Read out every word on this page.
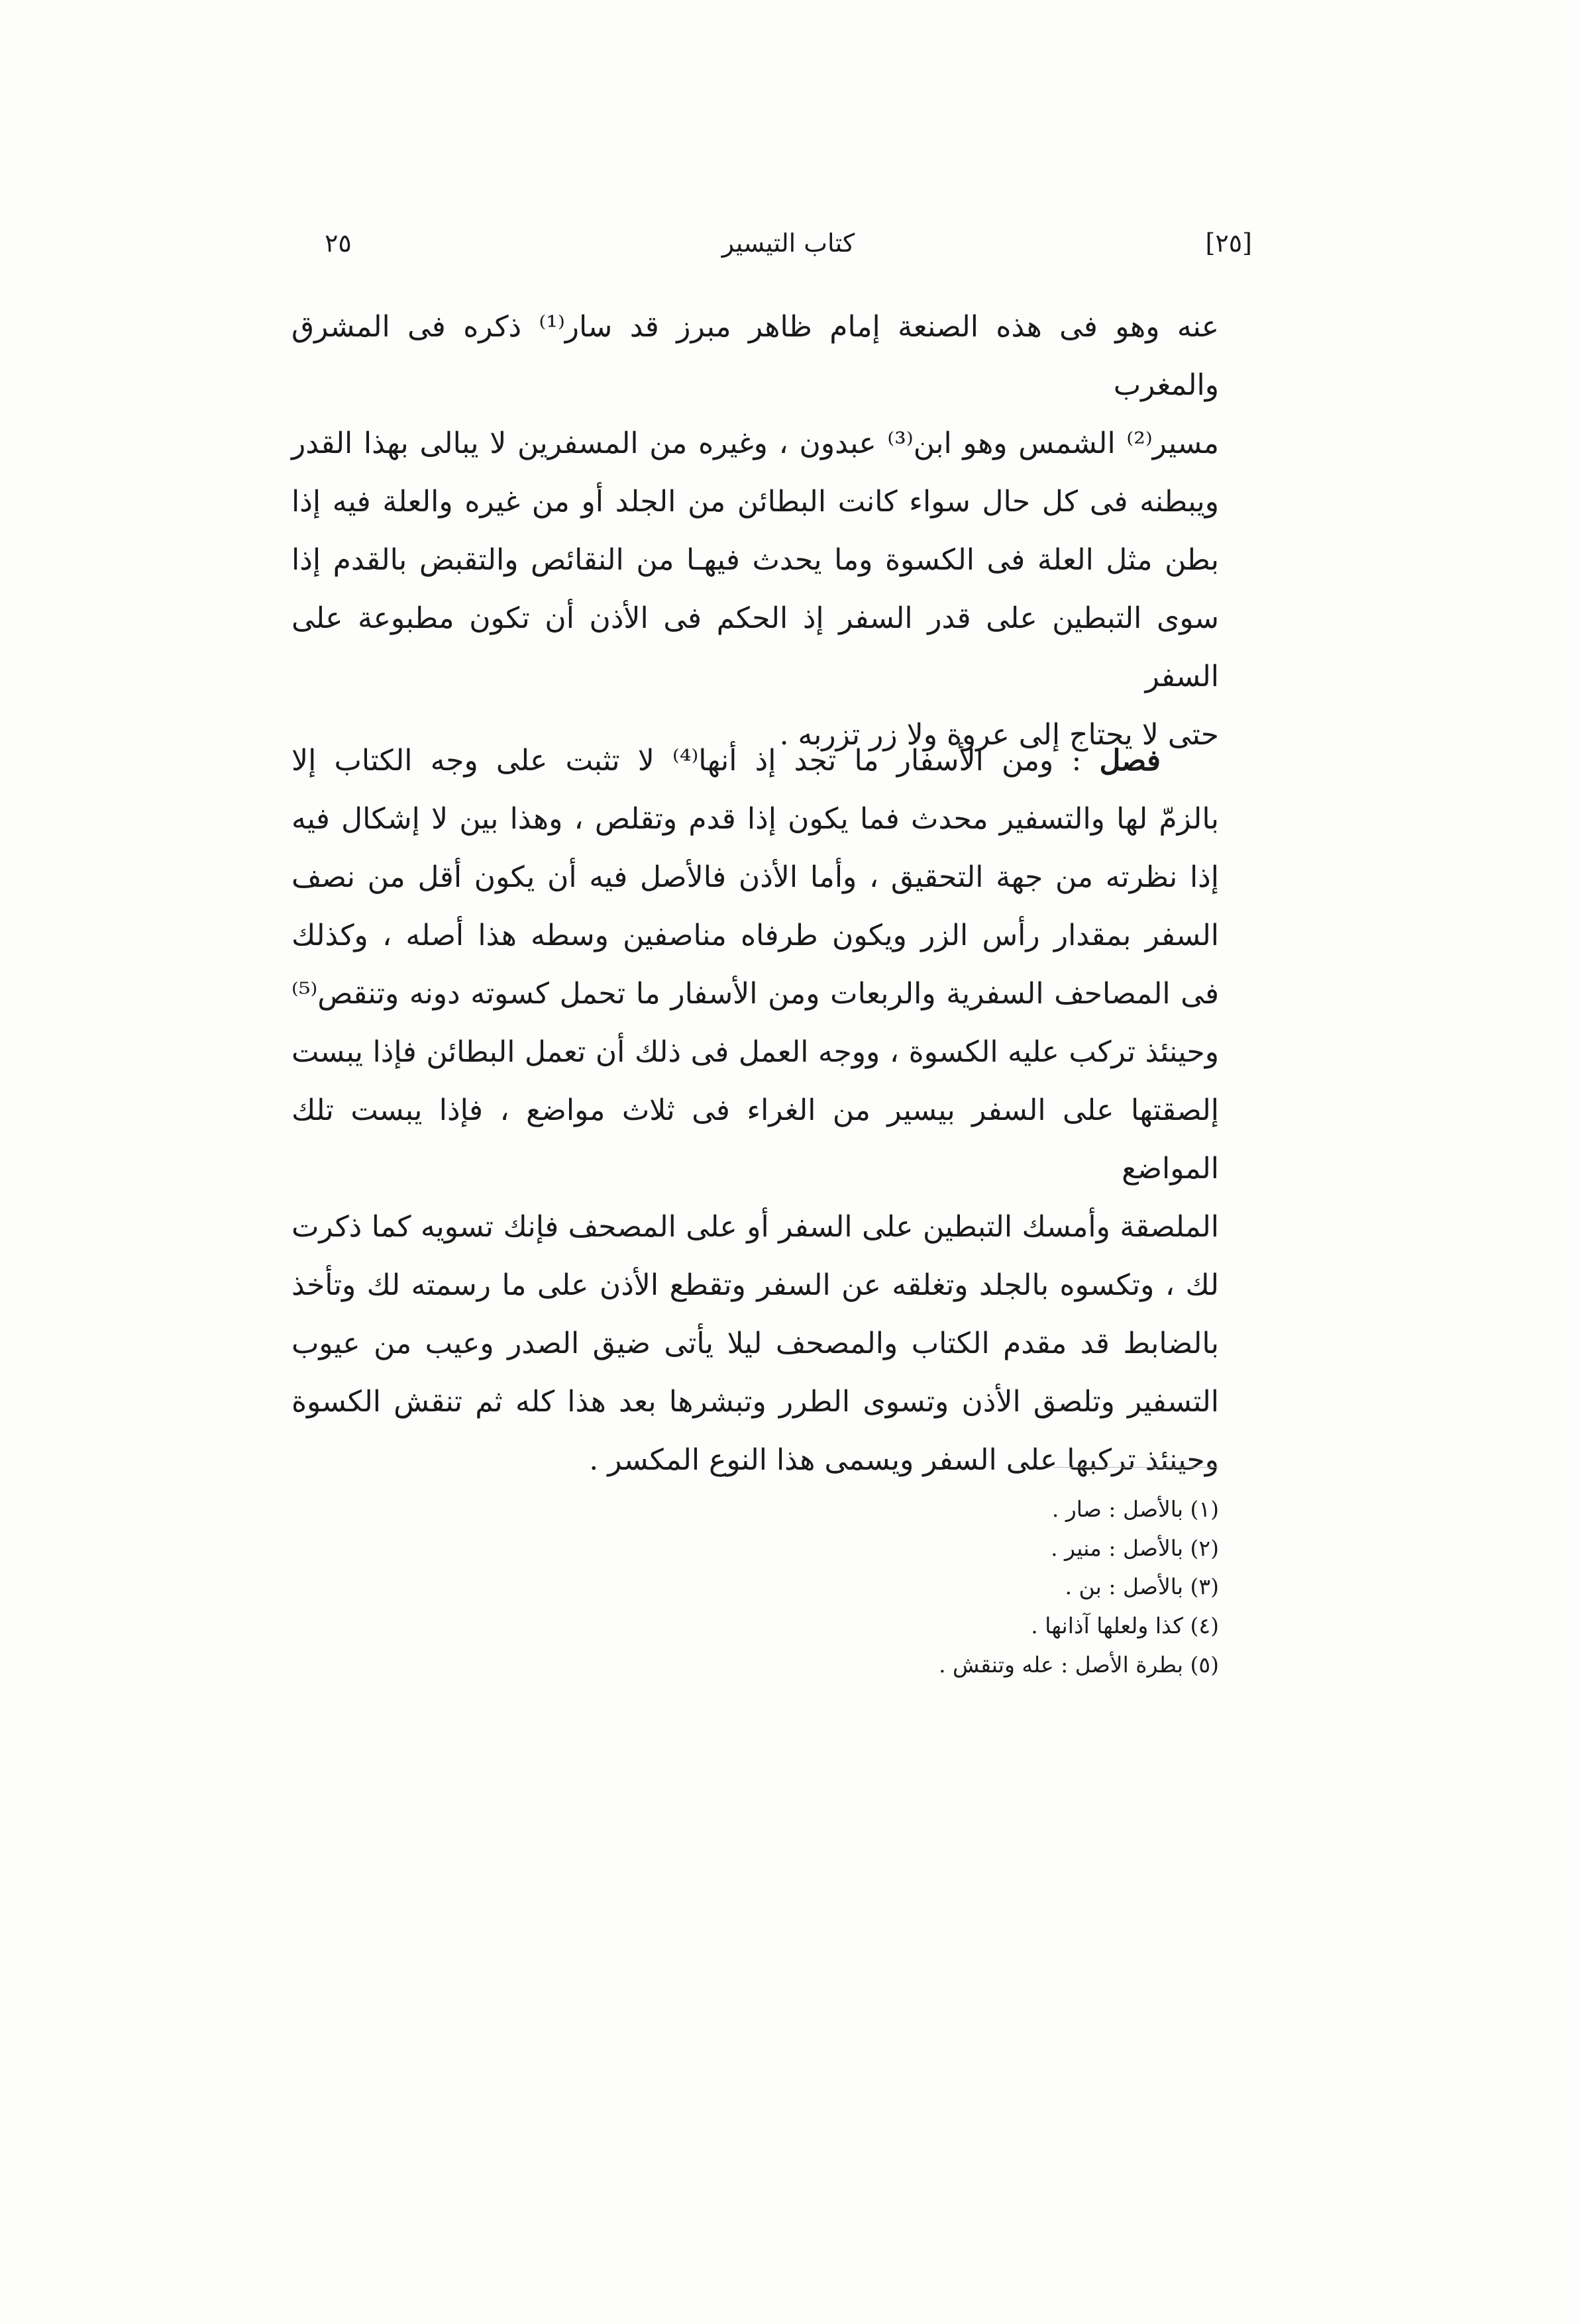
[٢٥]
كتاب التيسير
٢٥
عنه وهو فى هذه الصنعة إمام ظاهر مبرز قد سار⁽¹⁾ ذكره فى المشرق والمغرب
مسير⁽²⁾ الشمس وهو ابن⁽³⁾ عبدون ، وغيره من المسفرين لا يبالى بهذا القدر
ويبطنه فى كل حال سواء كانت البطائن من الجلد أو من غيره والعلة فيه إذا
بطن مثل العلة فى الكسوة وما يحدث فيهـا من النقائص والتقبض بالقدم إذا
سوى التبطين على قدر السفر إذ الحكم فى الأذن أن تكون مطبوعة على السفر
حتى لا يحتاج إلى عروة ولا زر تزربه .
  فصل : ومن الأسفار ما تجد إذ أنها⁽⁴⁾ لا تثبت على وجه الكتاب إلا
بالزمّ لها والتسفير محدث فما يكون إذا قدم وتقلص ، وهذا بين لا إشكال فيه
إذا نظرته من جهة التحقيق ، وأما الأذن فالأصل فيه أن يكون أقل من نصف
السفر بمقدار رأس الزر ويكون طرفاه مناصفين وسطه هذا أصله ، وكذلك
فى المصاحف السفرية والربعات ومن الأسفار ما تحمل كسوته دونه وتنقص⁽⁵⁾
وحينئذ تركب عليه الكسوة ، ووجه العمل فى ذلك أن تعمل البطائن فإذا يبست
إلصقتها على السفر بيسير من الغراء فى ثلاث مواضع ، فإذا يبست تلك المواضع
الملصقة وأمسك التبطين على السفر أو على المصحف فإنك تسويه كما ذكرت
لك ، وتكسوه بالجلد وتغلقه عن السفر وتقطع الأذن على ما رسمته لك وتأخذ
بالضابط قد مقدم الكتاب والمصحف ليلا يأتى ضيق الصدر وعيب من عيوب
التسفير وتلصق الأذن وتسوى الطرر وتبشرها بعد هذا كله ثم تنقش الكسوة
وحينئذ تركبها على السفر ويسمى هذا النوع المكسر .
(١) بالأصل : صار .
(٢) بالأصل : منير .
(٣) بالأصل : بن .
(٤) كذا ولعلها آذانها .
(٥) بطرة الأصل : عله وتنقش .
